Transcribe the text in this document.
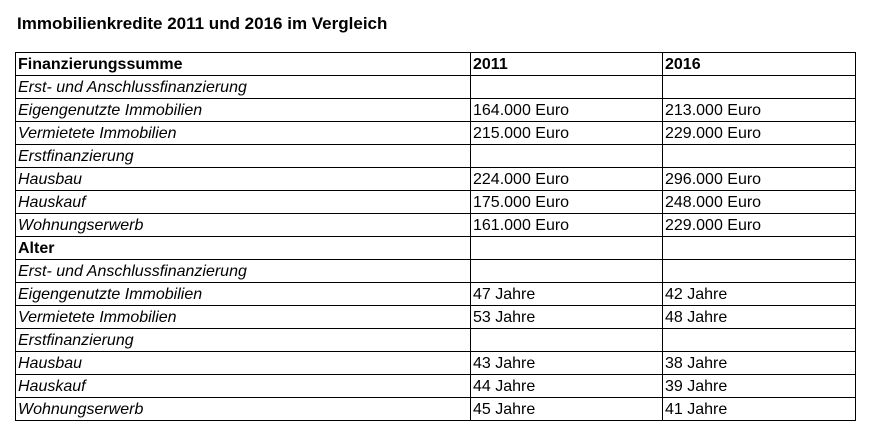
Immobilienkredite 2011 und 2016 im Vergleich
Finanzierungssumme	2011	2016
Erst- und Anschlussfinanzierung		
Eigengenutzte Immobilien	164.000 Euro	213.000 Euro
Vermietete Immobilien	215.000 Euro	229.000 Euro
Erstfinanzierung		
Hausbau	224.000 Euro	296.000 Euro
Hauskauf	175.000 Euro	248.000 Euro
Wohnungserwerb	161.000 Euro	229.000 Euro
Alter		
Erst- und Anschlussfinanzierung		
Eigengenutzte Immobilien	47 Jahre	42 Jahre
Vermietete Immobilien	53 Jahre	48 Jahre
Erstfinanzierung		
Hausbau	43 Jahre	38 Jahre
Hauskauf	44 Jahre	39 Jahre
Wohnungserwerb	45 Jahre	41 Jahre
